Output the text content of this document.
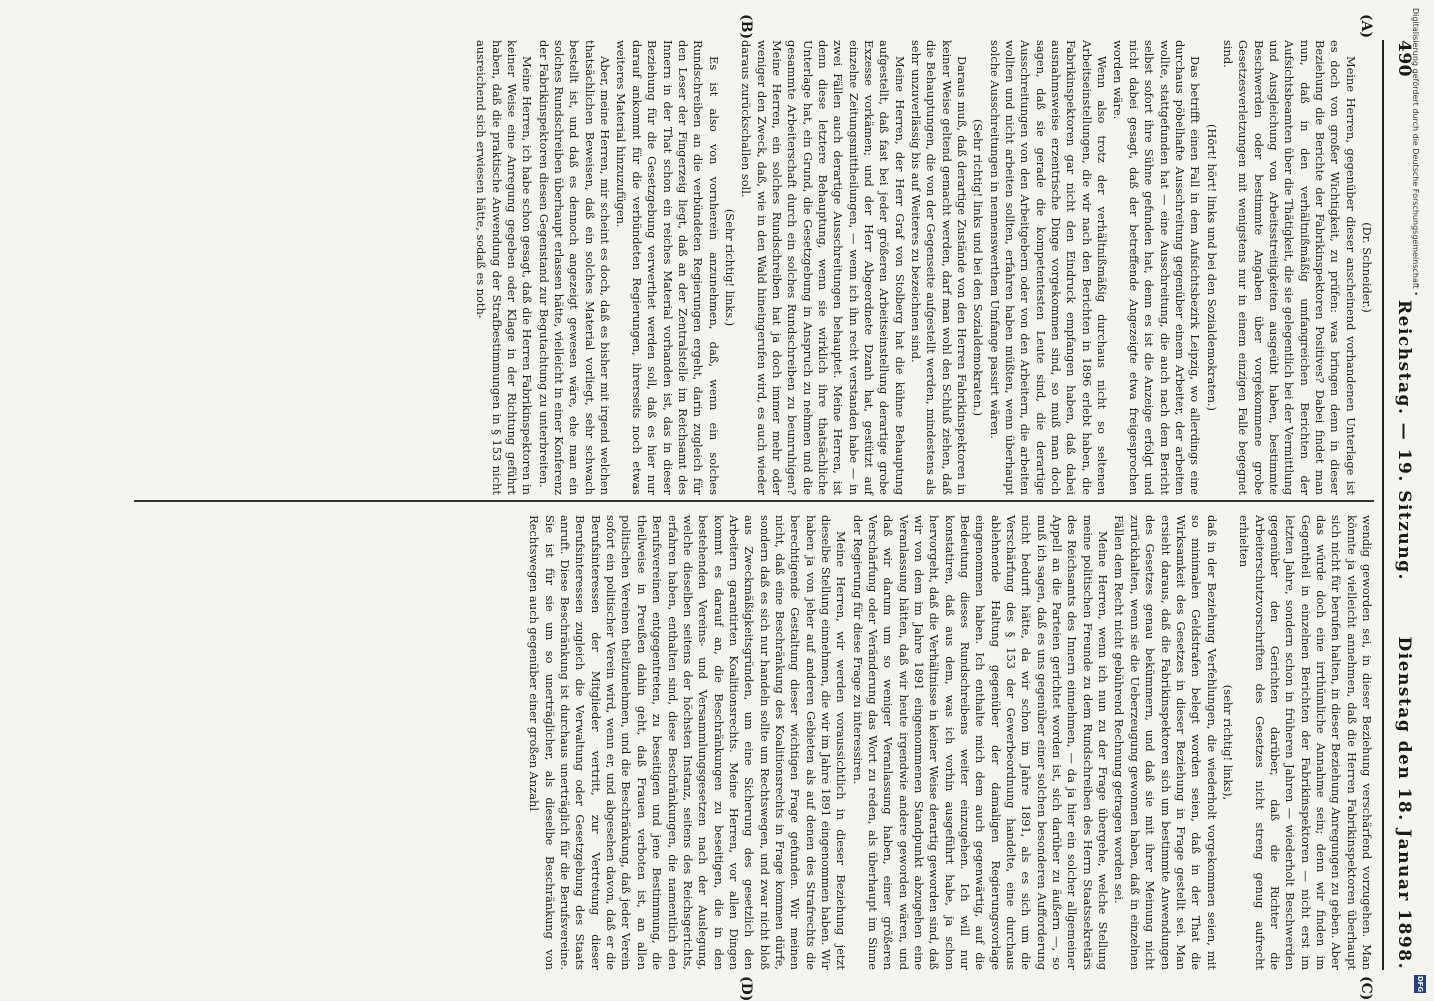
490
Reichstag. — 19. Sitzung.
Dienstag den 18. Januar 1898.
(A)
(B)
(C)
(D)

(Dr. Schneider.)

Meine Herren, gegenüber dieser anscheinend vorhandenen Unterlage ist es doch von großer Wichtigkeit, zu prüfen: was bringen denn in dieser Beziehung die Berichte der Fabrikinspektoren Positives? Dabei findet man nun, daß in den verhältnißmäßig umfangreichen Berichten der Aufsichtsbeamten über die Thätigkeit, die sie gelegentlich bei der Vermittlung und Ausgleichung von Arbeitsstreitigkeiten ausgeübt haben, bestimmte Beschwerden oder bestimmte Angaben über vorgekommene grobe Gesetzesverletzungen mit wenigstens nur in einem einzigen Falle begegnet sind.

(Hört! hört! links und bei den Sozialdemokraten.)

Das betrifft einen Fall in dem Aufsichtsbezirk Leipzig, wo allerdings eine durchaus pöbelhafte Ausschreitung gegenüber einem Arbeiter, der arbeiten wollte, stattgefunden hat — eine Ausschreitung, die auch nach dem Bericht selbst sofort ihre Sühne gefunden hat, denn es ist die Anzeige erfolgt und nicht dabei gesagt, daß der betreffende Angezeigte etwa freigesprochen worden wäre.

Wenn also trotz der verhältnißmäßig durchaus nicht so seltenen Arbeitseinstellungen, die wir nach den Berichten in 1896 erlebt haben, die Fabrikinspektoren gar nicht den Eindruck empfangen haben, daß dabei ausnahmsweise erzentrische Dinge vorgekommen sind, so muß man doch sagen, daß sie gerade die kompetentesten Leute sind, die derartige Ausschreitungen von den Arbeitgebern oder von den Arbeitern, die arbeiten wollten und nicht arbeiten sollten, erfahren haben müßten, wenn überhaupt solche Ausschreitungen in nennenswerthem Umfange passirt wären.

(Sehr richtig! links und bei den Sozialdemokraten.)

Daraus muß, daß derartige Zustände von den Herren Fabrikinspektoren in keiner Weise geltend gemacht werden, darf man wohl den Schluß ziehen, daß die Behauptungen, die von der Gegenseite aufgestellt werden, mindestens als sehr unzuverlässig bis auf Weiteres zu bezeichnen sind.

Meine Herren, der Herr Graf von Stolberg hat die kühne Behauptung aufgestellt, daß fast bei jeder größeren Arbeitseinstellung derartige grobe Exzesse vorkämen; und der Herr Abgeordnete Dzanh hat, gestützt auf einzelne Zeitungsmittheilungen, — wenn ich ihn recht verstanden habe — in zwei Fällen auch derartige Ausschreitungen behauptet. Meine Herren, ist denn diese letztere Behauptung, wenn sie wirklich ihre thatsächliche Unterlage hat, ein Grund, die Gesetzgebung in Anspruch zu nehmen und die gesammte Arbeiterschaft durch ein solches Rundschreiben zu beunruhigen? Meine Herren, ein solches Rundschreiben hat ja doch immer mehr oder weniger den Zweck, daß, wie in den Wald hineingerufen wird, es auch wieder daraus zurückschallen soll.

(Sehr richtig! links.)

Es ist also von vornherein anzunehmen, daß, wenn ein solches Rundschreiben an die verbündeten Regierungen ergeht, darin zugleich für den Leser der Fingerzeig liegt, daß an der Zentralstelle im Reichsamt des Innern in der That schon ein reiches Material vorhanden ist, das in dieser Beziehung für die Gesetzgebung verwerthet werden soll, daß es hier nur darauf ankommt für die verbündeten Regierungen, ihrerseits noch etwas weiteres Material hinzuzufügen.

Aber, meine Herren, mir scheint es doch, daß es bisher mit irgend welchen thatsächlichen Beweisen, daß ein solches Material vorliegt, sehr schwach bestellt ist, und daß es dennoch angezeigt gewesen wäre, ehe man ein solches Rundschreiben überhaupt erlassen hätte, vielleicht in einer Konferenz der Fabrikinspektoren diesen Gegenstand zur Begutachtung zu unterbreiten.

Meine Herren, ich habe schon gesagt, daß die Herren Fabrikinspektoren in keiner Weise eine Anregung gegeben oder Klage in der Richtung geführt haben, daß die praktische Anwendung der Strafbestimmungen in § 153 nicht ausreichend sich erwiesen hätte, sodaß es noth-

wendig geworden sei, in dieser Beziehung verschärfend vorzugehen. Man könnte ja vielleicht annehmen, daß die Herren Fabrikinspektoren überhaupt sich nicht für berufen halten, in dieser Beziehung Anregungen zu geben. Aber das würde doch eine irrthümliche Annahme sein; denn wir finden im Gegentheil in einzelnen Berichten der Fabrikinspektoren — nicht erst im letzten Jahre, sondern schon in früheren Jahren — wiederholt Beschwerden gegenüber den Gerichten darüber, daß die Richter die Arbeiterschutzvorschriften des Gesetzes nicht streng genug aufrecht erhielten

(sehr richtig! links),

daß in der Beziehung Verfehlungen, die wiederholt vorgekommen seien, mit so minimalen Geldstrafen belegt worden seien, daß in der That die Wirksamkeit des Gesetzes in dieser Beziehung in Frage gestellt sei. Man ersieht daraus, daß die Fabrikinspektoren sich um bestimmte Anwendungen des Gesetzes genau bekümmern, und daß sie mit ihrer Meinung nicht zurückhalten, wenn sie die Ueberzeugung gewonnen haben, daß in einzelnen Fällen dem Recht nicht gebührend Rechnung getragen worden sei.

Meine Herren, wenn ich nun zu der Frage übergehe, welche Stellung meine politischen Freunde zu dem Rundschreiben des Herrn Staatssekretärs des Reichsamts des Innern einnehmen, — da ja hier ein solcher allgemeiner Appell an die Parteien gerichtet worden ist, sich darüber zu äußern —, so muß ich sagen, daß es uns gegenüber einer solchen besonderen Aufforderung nicht bedurft hätte, da wir schon im Jahre 1891, als es sich um die Verschärfung des § 153 der Gewerbeordnung handelte, eine durchaus ablehnende Haltung gegenüber der damaligen Regierungsvorlage eingenommen haben. Ich enthalte mich dem auch gegenwärtig, auf die Bedeutung dieses Rundschreibens weiter einzugehen. Ich will nur konstatiren, daß aus dem, was ich vorhin ausgeführt habe, ja schon hervorgeht, daß die Verhältnisse in keiner Weise derartig geworden sind, daß wir von dem im Jahre 1891 eingenommenen Standpunkt abzugehen eine Veranlassung hätten, daß wir heute irgendwie andere geworden wären, und daß wir darum um so weniger Veranlassung haben, einer größeren Verschärfung oder Veränderung das Wort zu reden, als überhaupt im Sinne der Regierung für diese Frage zu interessiren.

Meine Herren, wir werden voraussichtlich in dieser Beziehung jetzt dieselbe Stellung einnehmen, die wir im Jahre 1891 eingenommen haben. Wir haben ja von jeher auf anderen Gebieten als auf denen des Strafrechts die berechtigende Gestaltung dieser wichtigen Frage gefunden. Wir meinen nicht, daß eine Beschränkung des Koalitionsrechts in Frage kommen dürfe, sondern daß es sich nur handeln sollte um Rechtswegen, und zwar nicht bloß aus Zweckmäßigkeitsgründen, um eine Sicherung des gesetzlich den Arbeitern garantirten Koalitionsrechts. Meine Herren, vor allen Dingen kommt es darauf an, die Beschränkungen zu beseitigen, die in den bestehenden Vereins- und Versammlungsgesetzen nach der Auslegung, welche dieselben seitens der höchsten Instanz, seitens des Reichsgerichts, erfahren haben, enthalten sind, diese Beschränkungen, die namentlich den Berufsvereinen entgegentreten, zu beseitigen und jene Bestimmung, die theilweise in Preußen dahin geht, daß Frauen verboten ist, an allen politischen Vereinen theilzunehmen, und die Beschränkung, daß jeder Verein sofort ein politischer Verein wird, wenn er, und abgesehen davon, daß er die Berufsinteressen der Mitglieder vertritt, zur Vertretung dieser Berufsinteressen zugleich die Verwaltung oder Gesetzgebung des Staats anruft. Diese Beschränkung ist durchaus unerträglich für die Berufsvereine. Sie ist für sie um so unerträglicher, als dieselbe Beschränkung von Rechtswegen auch gegenüber einer großen Anzahl

Digitalisierung gefördert durch die Deutsche Forschungsgemeinschaft •
DFG
